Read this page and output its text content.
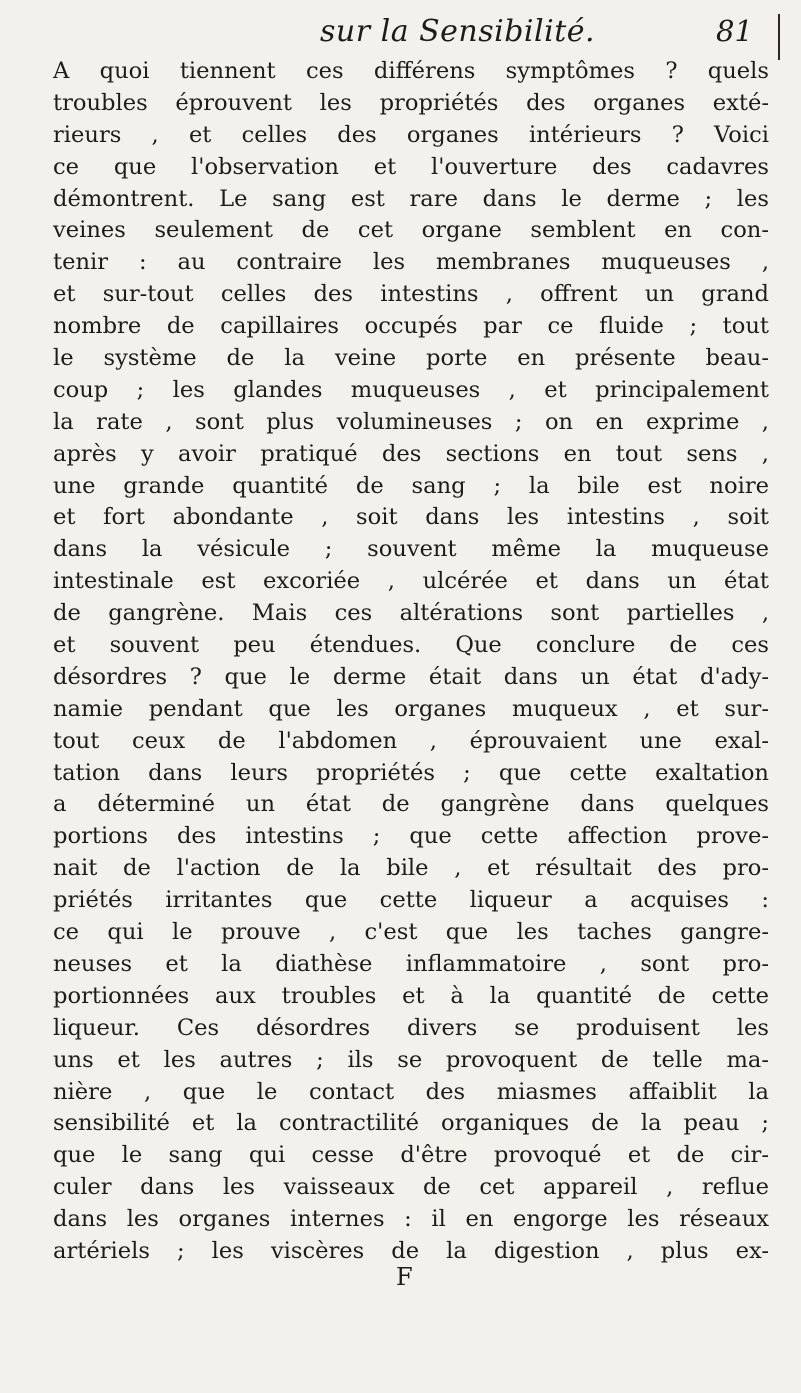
sur la Sensibilité.	81
A quoi tiennent ces différens symptômes ? quels
troubles éprouvent les propriétés des organes exté-
rieurs , et celles des organes intérieurs ? Voici
ce que l'observation et l'ouverture des cadavres
démontrent. Le sang est rare dans le derme ; les
veines seulement de cet organe semblent en con-
tenir : au contraire les membranes muqueuses ,
et sur-tout celles des intestins , offrent un grand
nombre de capillaires occupés par ce fluide ; tout
le système de la veine porte en présente beau-
coup ; les glandes muqueuses , et principalement
la rate , sont plus volumineuses ; on en exprime ,
après y avoir pratiqué des sections en tout sens ,
une grande quantité de sang ; la bile est noire
et fort abondante , soit dans les intestins , soit
dans la vésicule ; souvent même la muqueuse
intestinale est excoriée , ulcérée et dans un état
de gangrène. Mais ces altérations sont partielles ,
et souvent peu étendues. Que conclure de ces
désordres ? que le derme était dans un état d'ady-
namie pendant que les organes muqueux , et sur-
tout ceux de l'abdomen , éprouvaient une exal-
tation dans leurs propriétés ; que cette exaltation
a déterminé un état de gangrène dans quelques
portions des intestins ; que cette affection prove-
nait de l'action de la bile , et résultait des pro-
priétés irritantes que cette liqueur a acquises :
ce qui le prouve , c'est que les taches gangre-
neuses et la diathèse inflammatoire , sont pro-
portionnées aux troubles et à la quantité de cette
liqueur. Ces désordres divers se produisent les
uns et les autres ; ils se provoquent de telle ma-
nière , que le contact des miasmes affaiblit la
sensibilité et la contractilité organiques de la peau ;
que le sang qui cesse d'être provoqué et de cir-
culer dans les vaisseaux de cet appareil , reflue
dans les organes internes : il en engorge les réseaux
artériels ; les viscères de la digestion , plus ex-
F
